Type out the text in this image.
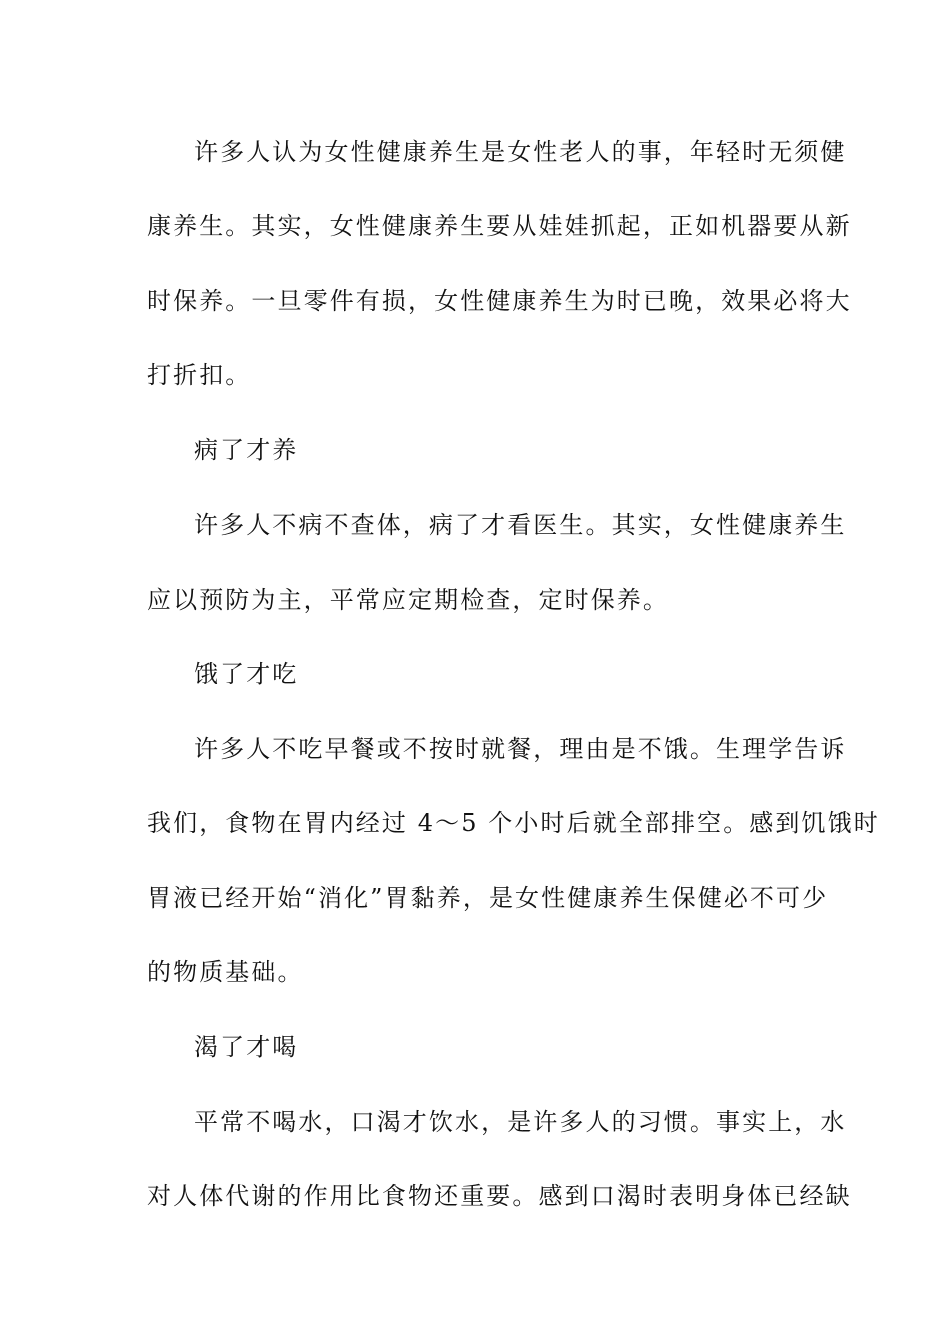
许多人认为女性健康养生是女性老人的事，年轻时无须健
康养生。其实，女性健康养生要从娃娃抓起，正如机器要从新
时保养。一旦零件有损，女性健康养生为时已晚，效果必将大
打折扣。
病了才养
许多人不病不查体，病了才看医生。其实，女性健康养生
应以预防为主，平常应定期检查，定时保养。
饿了才吃
许多人不吃早餐或不按时就餐，理由是不饿。生理学告诉
我们，食物在胃内经过 4～5 个小时后就全部排空。感到饥饿时
胃液已经开始“消化”胃黏养，是女性健康养生保健必不可少
的物质基础。
渴了才喝
平常不喝水，口渴才饮水，是许多人的习惯。事实上，水
对人体代谢的作用比食物还重要。感到口渴时表明身体已经缺
